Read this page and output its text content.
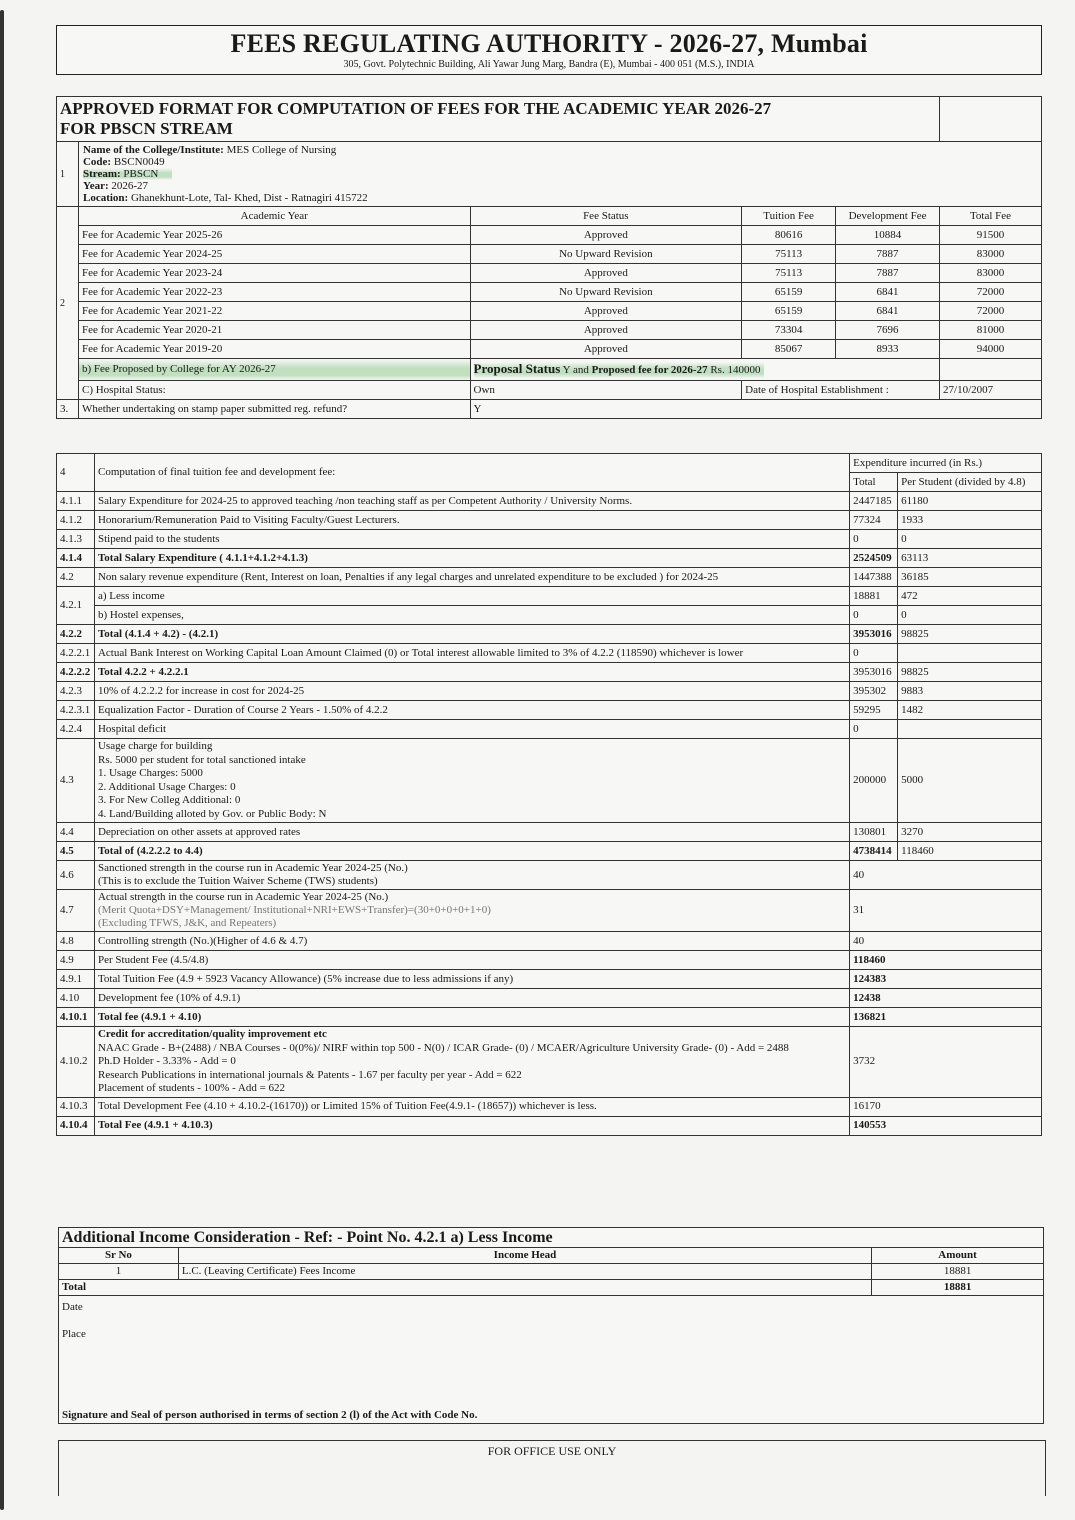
FEES REGULATING AUTHORITY - 2026-27, Mumbai
305, Govt. Polytechnic Building, Ali Yawar Jung Marg, Bandra (E), Mumbai - 400 051 (M.S.), INDIA
APPROVED FORMAT FOR COMPUTATION OF FEES FOR THE ACADEMIC YEAR 2026-27
FOR PBSCN STREAM					

1	Name of the College/Institute: MES College of Nursing
Code: BSCN0049
Stream: PBSCN
Year: 2026-27
Location: Ghanekhunt-Lote, Tal- Khed, Dist - Ratnagiri 415722				

2	Academic Year	Fee Status	Tuition Fee	Development Fee	Total Fee
	Fee for Academic Year 2025-26	Approved	80616	10884	91500
	Fee for Academic Year 2024-25	No Upward Revision	75113	7887	83000
	Fee for Academic Year 2023-24	Approved	75113	7887	83000
	Fee for Academic Year 2022-23	No Upward Revision	65159	6841	72000
	Fee for Academic Year 2021-22	Approved	65159	6841	72000
	Fee for Academic Year 2020-21	Approved	73304	7696	81000
	Fee for Academic Year 2019-20	Approved	85067	8933	94000
	b) Fee Proposed by College for AY 2026-27	Proposal Status Y and Proposed fee for 2026-27 Rs. 140000			
	C) Hospital Status:	Own	Date of Hospital Establishment :		27/10/2007
3.	Whether undertaking on stamp paper submitted reg. refund?	Y			
4	Computation of final tuition fee and development fee:	Expenditure incurred (in Rs.)	
		Total	Per Student (divided by 4.8)
4.1.1	Salary Expenditure for 2024-25 to approved teaching /non teaching staff as per Competent Authority / University Norms.	2447185	61180
4.1.2	Honorarium/Remuneration Paid to Visiting Faculty/Guest Lecturers.	77324	1933
4.1.3	Stipend paid to the students	0	0
4.1.4	Total Salary Expenditure ( 4.1.1+4.1.2+4.1.3)	2524509	63113
4.2	Non salary revenue expenditure (Rent, Interest on loan, Penalties if any legal charges and unrelated expenditure to be excluded ) for 2024-25	1447388	36185
4.2.1	a) Less income	18881	472
	b) Hostel expenses,	0	0
4.2.2	Total (4.1.4 + 4.2) - (4.2.1)	3953016	98825
4.2.2.1	Actual Bank Interest on Working Capital Loan Amount Claimed (0) or Total interest allowable limited to 3% of 4.2.2 (118590) whichever is lower	0	
4.2.2.2	Total 4.2.2 + 4.2.2.1	3953016	98825
4.2.3	10% of 4.2.2.2 for increase in cost for 2024-25	395302	9883
4.2.3.1	Equalization Factor - Duration of Course 2 Years - 1.50% of 4.2.2	59295	1482
4.2.4	Hospital deficit	0	
4.3	
Usage charge for building
Rs. 5000 per student for total sanctioned intake
1. Usage Charges: 5000
2. Additional Usage Charges: 0
3. For New Colleg Additional: 0
4. Land/Building alloted by Gov. or Public Body: N
	200000	5000
4.4	Depreciation on other assets at approved rates	130801	3270
4.5	Total of (4.2.2.2 to 4.4)	4738414	118460
4.6	Sanctioned strength in the course run in Academic Year 2024-25 (No.)
(This is to exclude the Tuition Waiver Scheme (TWS) students)	40	
4.7	Actual strength in the course run in Academic Year 2024-25 (No.)
(Merit Quota+DSY+Management/ Institutional+NRI+EWS+Transfer)=(30+0+0+0+1+0)
(Excluding TFWS, J&K, and Repeaters)	31	
4.8	Controlling strength (No.)(Higher of 4.6 & 4.7)	40	
4.9	Per Student Fee (4.5/4.8)	118460	
4.9.1	Total Tuition Fee (4.9 + 5923 Vacancy Allowance) (5% increase due to less admissions if any)	124383	
4.10	Development fee (10% of 4.9.1)	12438	
4.10.1	Total fee (4.9.1 + 4.10)	136821	
4.10.2	Credit for accreditation/quality improvement etc
NAAC Grade - B+(2488) / NBA Courses - 0(0%)/ NIRF within top 500 - N(0) / ICAR Grade- (0) / MCAER/Agriculture University Grade- (0) - Add = 2488
Ph.D Holder - 3.33% - Add = 0
Research Publications in international journals & Patents - 1.67 per faculty per year - Add = 622
Placement of students - 100% - Add = 622	3732	
4.10.3	Total Development Fee (4.10 + 4.10.2-(16170)) or Limited 15% of Tuition Fee(4.9.1- (18657)) whichever is less.	16170	
4.10.4	Total Fee (4.9.1 + 4.10.3)	140553	
Additional Income Consideration - Ref: - Point No. 4.2.1 a) Less Income		
Sr No	Income Head	Amount
1	L.C. (Leaving Certificate) Fees Income	18881
Total		18881

Date
Place
Signature and Seal of person authorised in terms of section 2 (l) of the Act with Code No.		
FOR OFFICE USE ONLY
